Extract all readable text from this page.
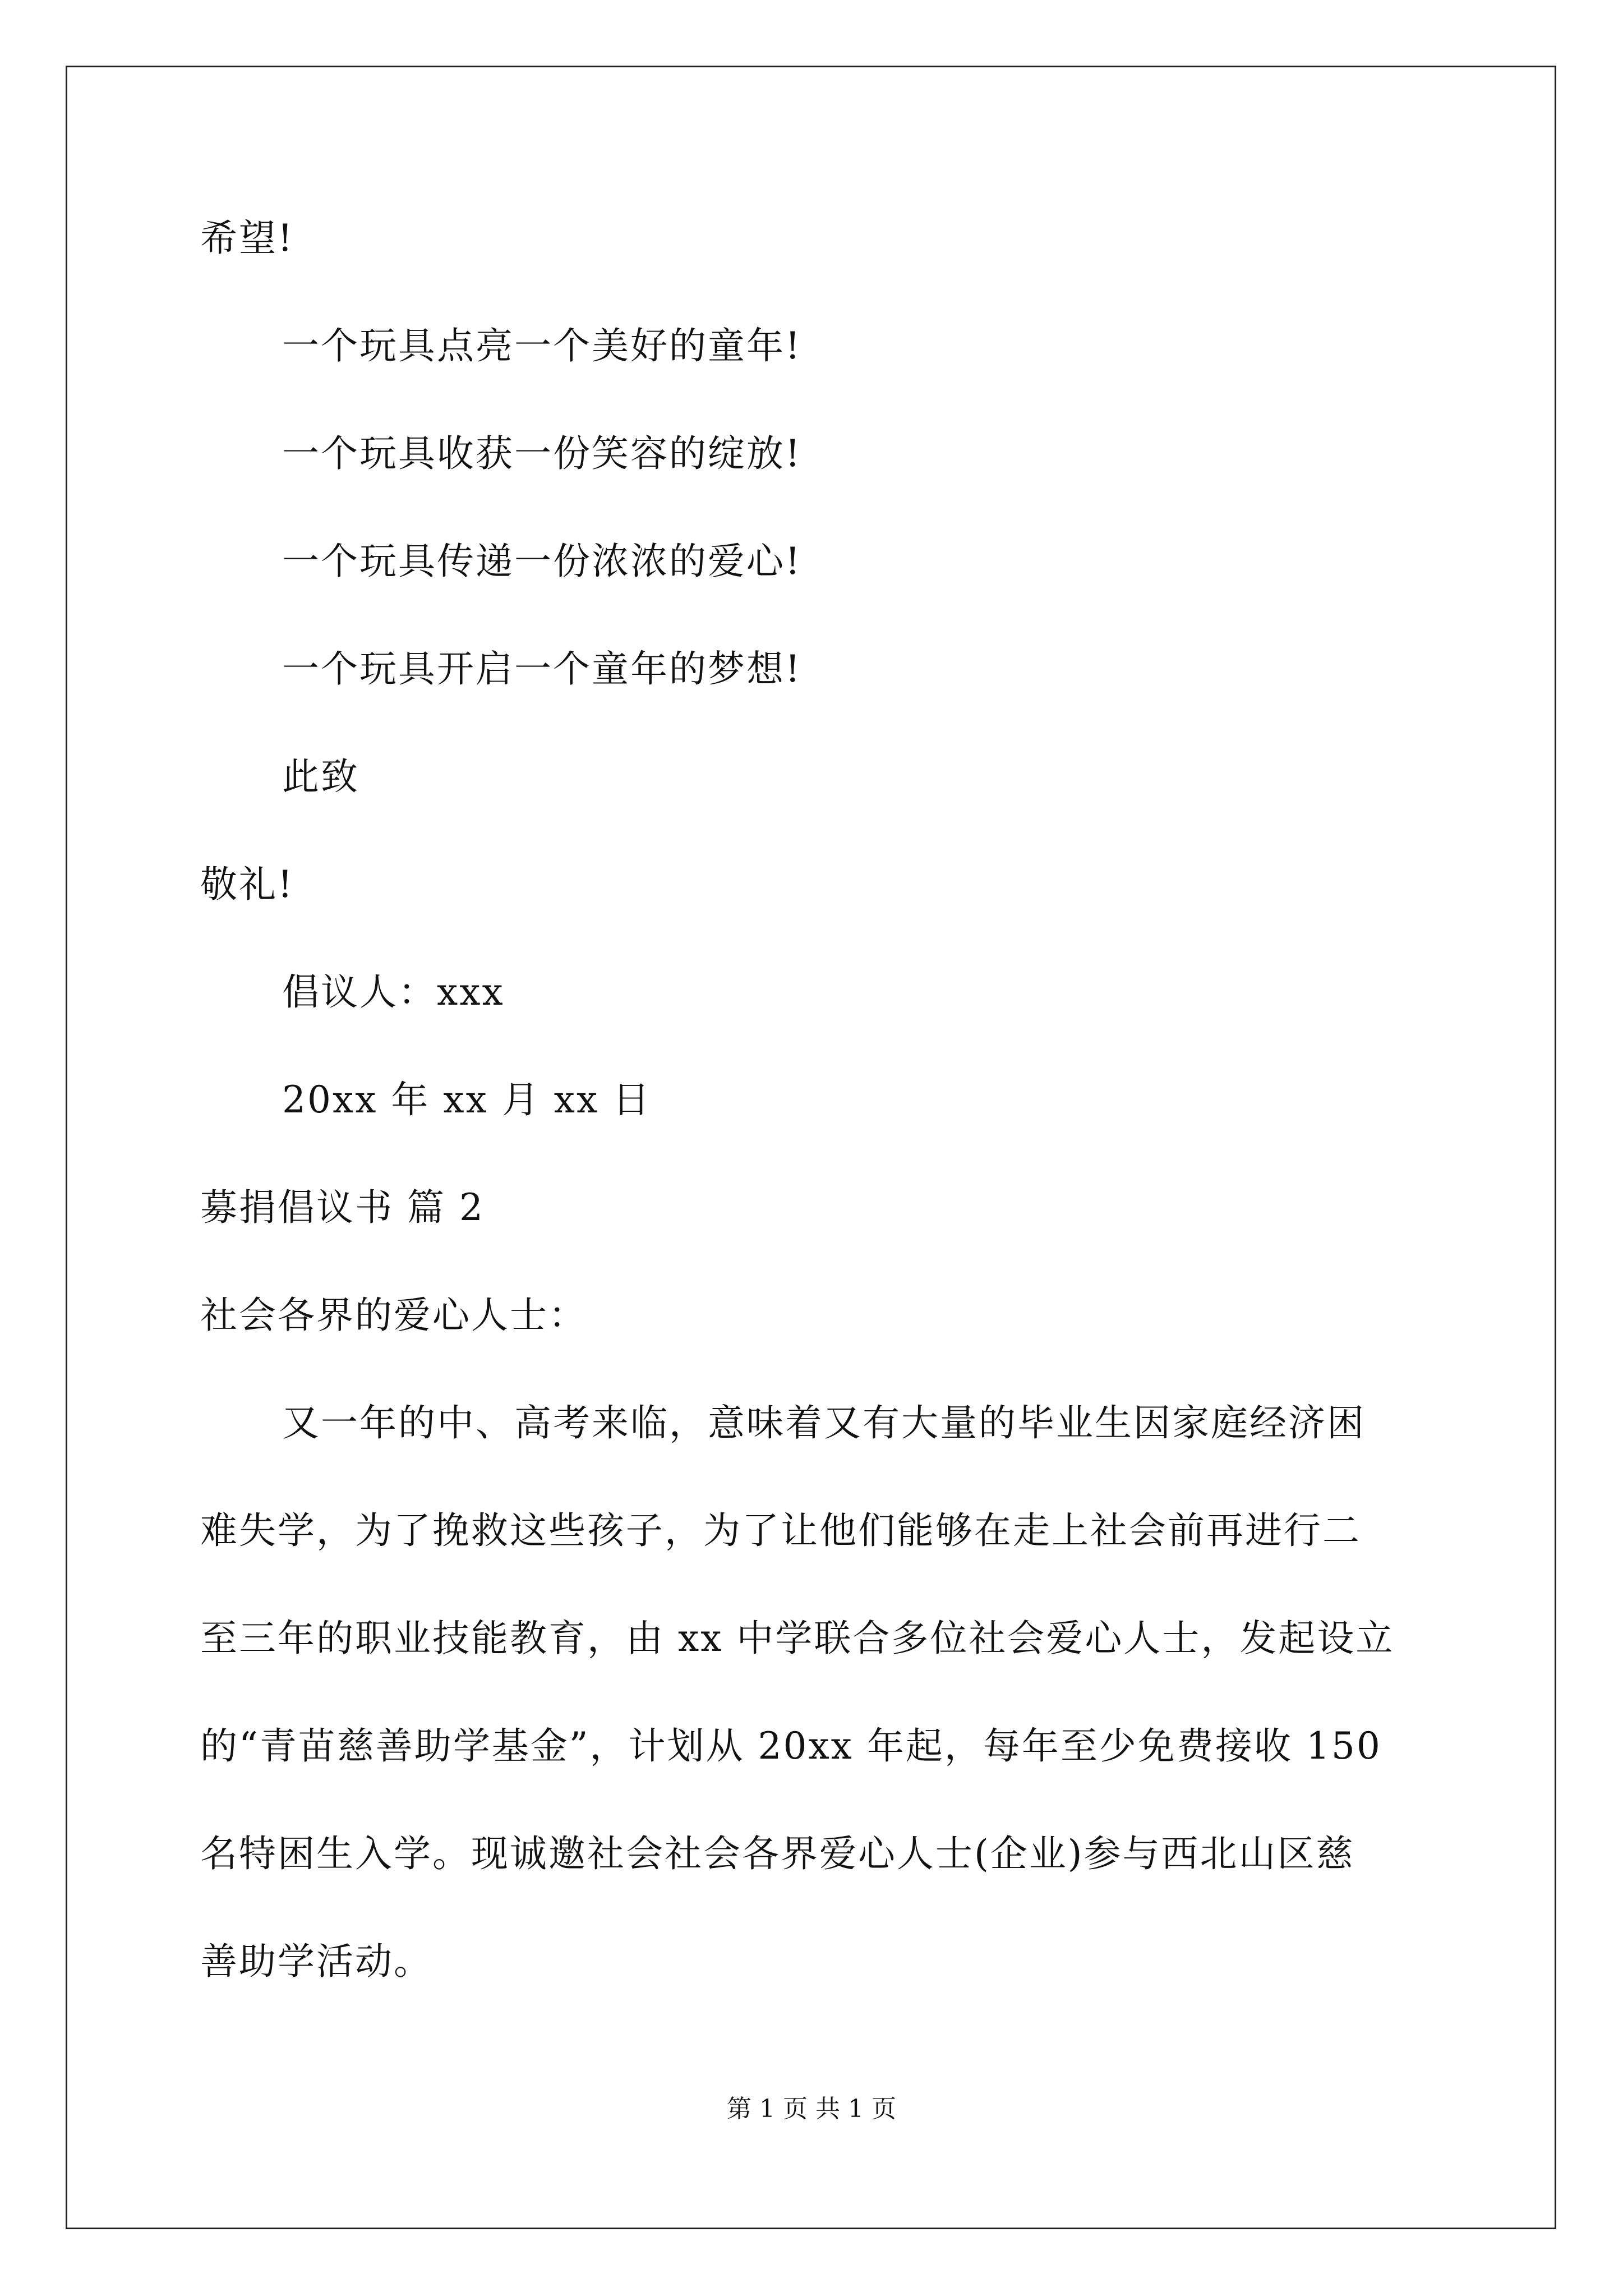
希望!

一个玩具点亮一个美好的童年!

一个玩具收获一份笑容的绽放!

一个玩具传递一份浓浓的爱心!

一个玩具开启一个童年的梦想!

此致

敬礼!

倡议人：xxx

20xx 年 xx 月 xx 日

募捐倡议书 篇 2

社会各界的爱心人士：

又一年的中、高考来临，意味着又有大量的毕业生因家庭经济困
难失学，为了挽救这些孩子，为了让他们能够在走上社会前再进行二
至三年的职业技能教育，由 xx 中学联合多位社会爱心人士，发起设立
的“青苗慈善助学基金”，计划从 20xx 年起，每年至少免费接收 150
名特困生入学。现诚邀社会社会各界爱心人士(企业)参与西北山区慈
善助学活动。
第 1 页 共 1 页
